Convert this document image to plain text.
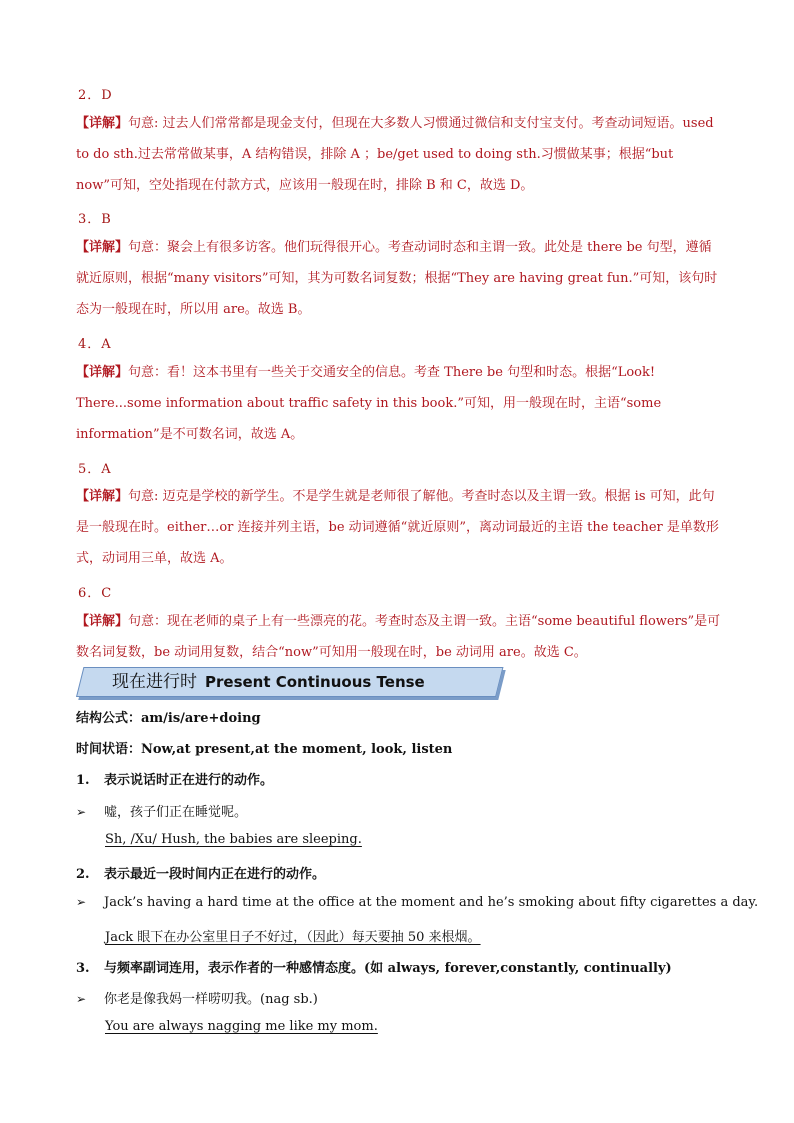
2．D
【详解】句意: 过去人们常常都是现金支付，但现在大多数人习惯通过微信和支付宝支付。考查动词短语。used to do sth.过去常常做某事，A 结构错误，排除 A ；be/get used to doing sth.习惯做某事；根据“but now”可知，空处指现在付款方式，应该用一般现在时，排除 B 和 C，故选 D。
3．B
【详解】句意：聚会上有很多访客。他们玩得很开心。考查动词时态和主谓一致。此处是 there be 句型，遵循就近原则，根据“many visitors”可知，其为可数名词复数；根据“They are having great fun.”可知，该句时态为一般现在时，所以用 are。故选 B。
4．A
【详解】句意：看！这本书里有一些关于交通安全的信息。考查 There be 句型和时态。根据“Look! There...some information about traffic safety in this book.”可知，用一般现在时，主语“some information”是不可数名词，故选 A。
5．A
【详解】句意: 迈克是学校的新学生。不是学生就是老师很了解他。考查时态以及主谓一致。根据 is 可知，此句是一般现在时。either…or 连接并列主语，be 动词遵循“就近原则”，离动词最近的主语 the teacher 是单数形式，动词用三单，故选 A。
6．C
【详解】句意：现在老师的桌子上有一些漂亮的花。考查时态及主谓一致。主语“some beautiful flowers”是可数名词复数，be 动词用复数，结合“now”可知用一般现在时，be 动词用 are。故选 C。
现在进行时 Present Continuous Tense
结构公式：am/is/are+doing
时间状语：Now,at present,at the moment, look, listen
1. 表示说话时正在进行的动作。
➢ 嘘，孩子们正在睡觉呢。
Sh, /Xu/ Hush, the babies are sleeping.
2. 表示最近一段时间内正在进行的动作。
➢ Jack’s having a hard time at the office at the moment and he’s smoking about fifty cigarettes a day.
Jack 眼下在办公室里日子不好过，（因此）每天要抽 50 来根烟。
3. 与频率副词连用，表示作者的一种感情态度。(如 always, forever,constantly, continually)
➢ 你老是像我妈一样唠叨我。(nag sb.)
You are always nagging me like my mom.
